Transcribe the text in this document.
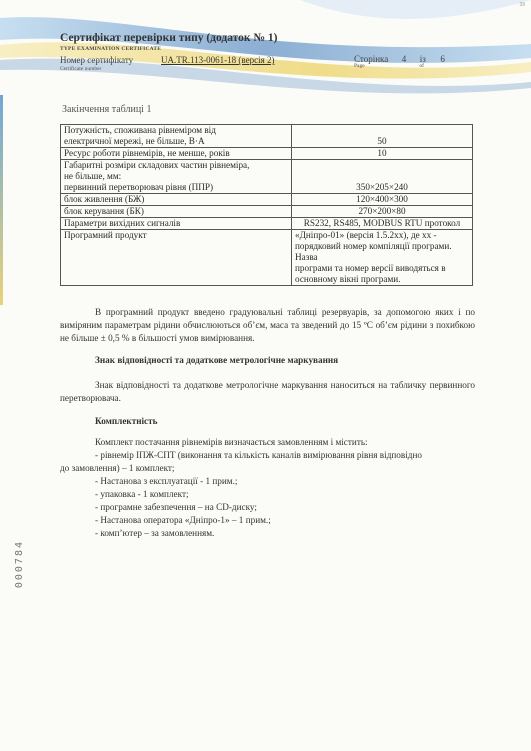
39
Сертифікат перевірки типу (додаток № 1)
TYPE EXAMINATION CERTIFICATE
Номер сертифікату	UA.TR.113-0061-18 (версія 2)
Certificate number
Сторінка 4 із 6
Page	of
Закінчення таблиці 1
Потужність, споживана рівнеміром від
електричної мережі, не більше, В·А	50

Ресурс роботи рівнемірів, не менше, років	10

Габаритні розміри складових частин рівнеміра,
не більше, мм:
первинний перетворювач рівня (ППР)	350×205×240

блок живлення (БЖ)	120×400×300

блок керування (БК)	270×200×80

Параметри вихідних сигналів	RS232, RS485, MODBUS RTU протокол

Програмний продукт	«Дніпро-01» (версія 1.5.2xx), де xx -
порядковий номер компіляції програми. Назва
програми та номер версії виводяться в
основному вікні програми.
В програмний продукт введено градуювальні таблиці резервуарів, за допомогою яких і по виміряним параметрам рідини обчислюються об’єм, маса та зведений до 15 ºС об’єм рідини з похибкою не більше ± 0,5 % в більшості умов вимірювання.
Знак відповідності та додаткове метрологічне маркування
Знак відповідності та додаткове метрологічне маркування наноситься на табличку первинного перетворювача.
Комплектність
Комплект постачання рівнемірів визначається замовленням і містить:
- рівнемір ІПЖ-СПТ (виконання та кількість каналів вимірювання рівня відповідно
до замовлення) – 1 комплект;
- Настанова з експлуатації - 1 прим.;
- упаковка - 1 комплект;
- програмне забезпечення – на CD-диску;
- Настанова оператора «Дніпро-1» – 1 прим.;
- комп’ютер – за замовленням.
000784
